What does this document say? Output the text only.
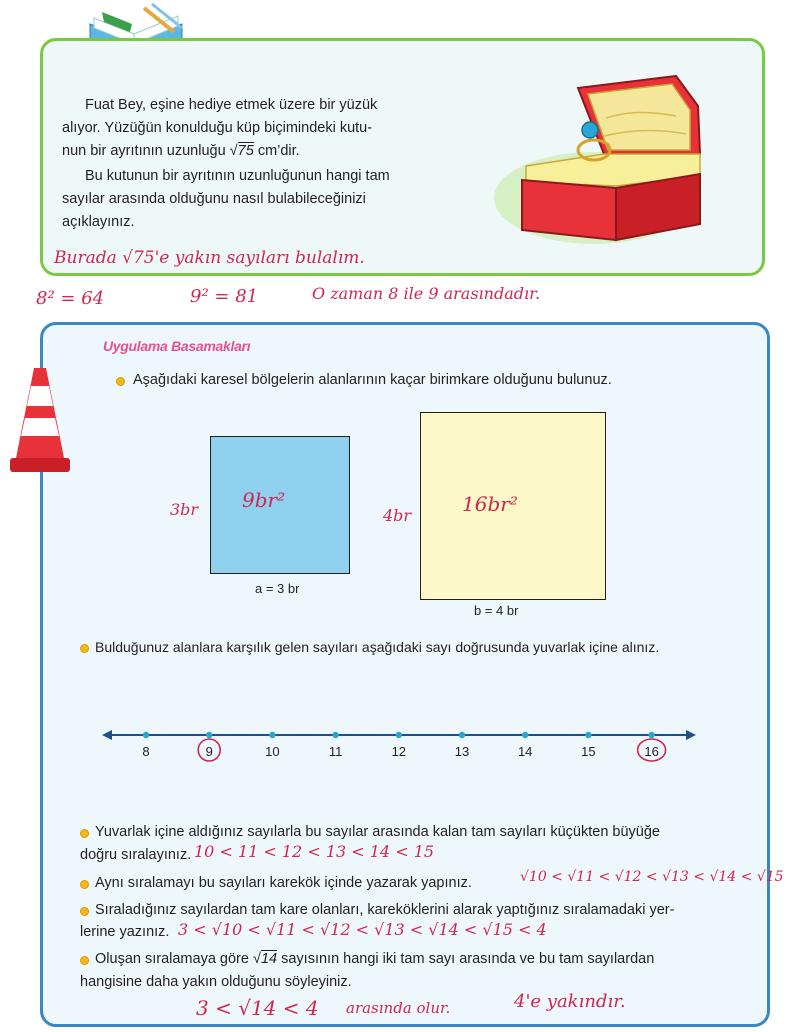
Fuat Bey, eşine hediye etmek üzere bir yüzük
alıyor. Yüzüğün konulduğu küp biçimindeki kutu-
nun bir ayrıtının uzunluğu √75 cm’dir.
Bu kutunun bir ayrıtının uzunluğunun hangi tam
sayılar arasında olduğunu nasıl bulabileceğinizi
açıklayınız.
Burada √75'e yakın sayıları bulalım.
8² = 64	9² = 81	O zaman 8 ile 9 arasındadır.
Uygulama Basamakları
Aşağıdaki karesel bölgelerin alanlarının kaçar birimkare olduğunu bulunuz.
a = 3 br
3br 9br²
b = 4 br
4br	16br²
Bulduğunuz alanlara karşılık gelen sayıları aşağıdaki sayı doğrusunda yuvarlak içine alınız.
8	9	10	11	12	13	14	15	16
Yuvarlak içine aldığınız sayılarla bu sayılar arasında kalan tam sayıları küçükten büyüğe
doğru sıralayınız. 10 < 11 < 12 < 13 < 14 < 15
Aynı sıralamayı bu sayıları karekök içinde yazarak yapınız.	√10 < √11 < √12 < √13 < √14 < √15
Sıraladığınız sayılardan tam kare olanları, kareköklerini alarak yaptığınız sıralamadaki yer-
lerine yazınız. 3 < √10 < √11 < √12 < √13 < √14 < √15 < 4
Oluşan sıralamaya göre √14 sayısının hangi iki tam sayı arasında ve bu tam sayılardan
hangisine daha yakın olduğunu söyleyiniz.
3 < √14 < 4 arasında olur.	4'e yakındır.
